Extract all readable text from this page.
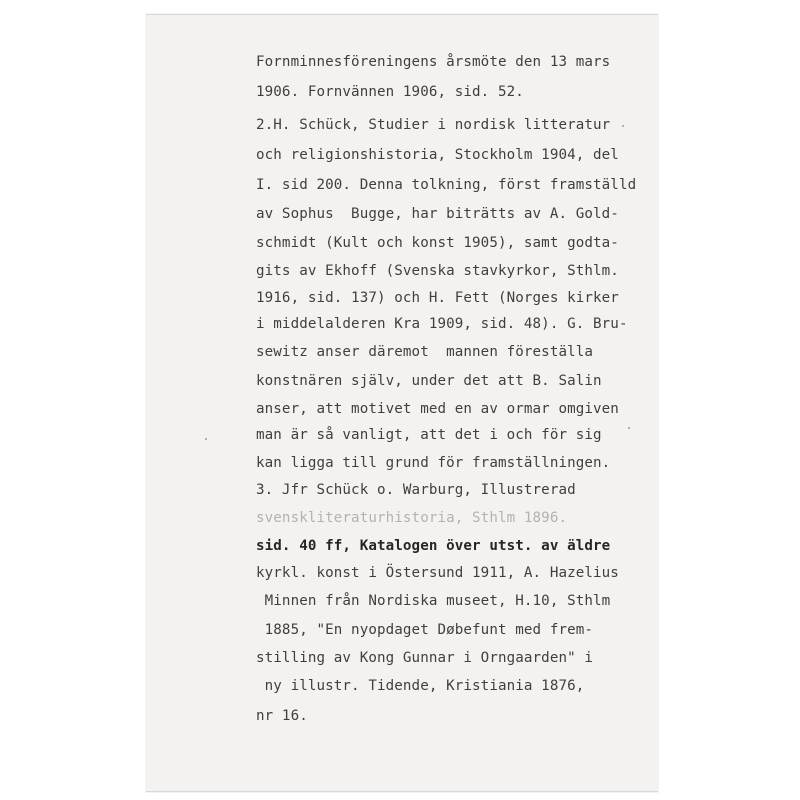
Fornminnesföreningens årsmöte den 13 mars
1906. Fornvännen 1906, sid. 52.
2.H. Schück, Studier i nordisk litteratur
och religionshistoria, Stockholm 1904, del
I. sid 200. Denna tolkning, först framställd
av Sophus  Bugge, har biträtts av A. Gold-
schmidt (Kult och konst 1905), samt godta-
gits av Ekhoff (Svenska stavkyrkor, Sthlm.
1916, sid. 137) och H. Fett (Norges kirker
i middelalderen Kra 1909, sid. 48). G. Bru-
sewitz anser däremot  mannen föreställa
konstnären själv, under det att B. Salin
anser, att motivet med en av ormar omgiven
man är så vanligt, att det i och för sig
kan ligga till grund för framställningen.
3. Jfr Schück o. Warburg, Illustrerad
svenskliteraturhistoria, Sthlm 1896.
sid. 40 ff, Katalogen över utst. av äldre
kyrkl. konst i Östersund 1911, A. Hazelius
Minnen från Nordiska museet, H.10, Sthlm
1885, "En nyopdaget Døbefunt med frem-
stilling av Kong Gunnar i Orngaarden" i
ny illustr. Tidende, Kristiania 1876,
nr 16.
